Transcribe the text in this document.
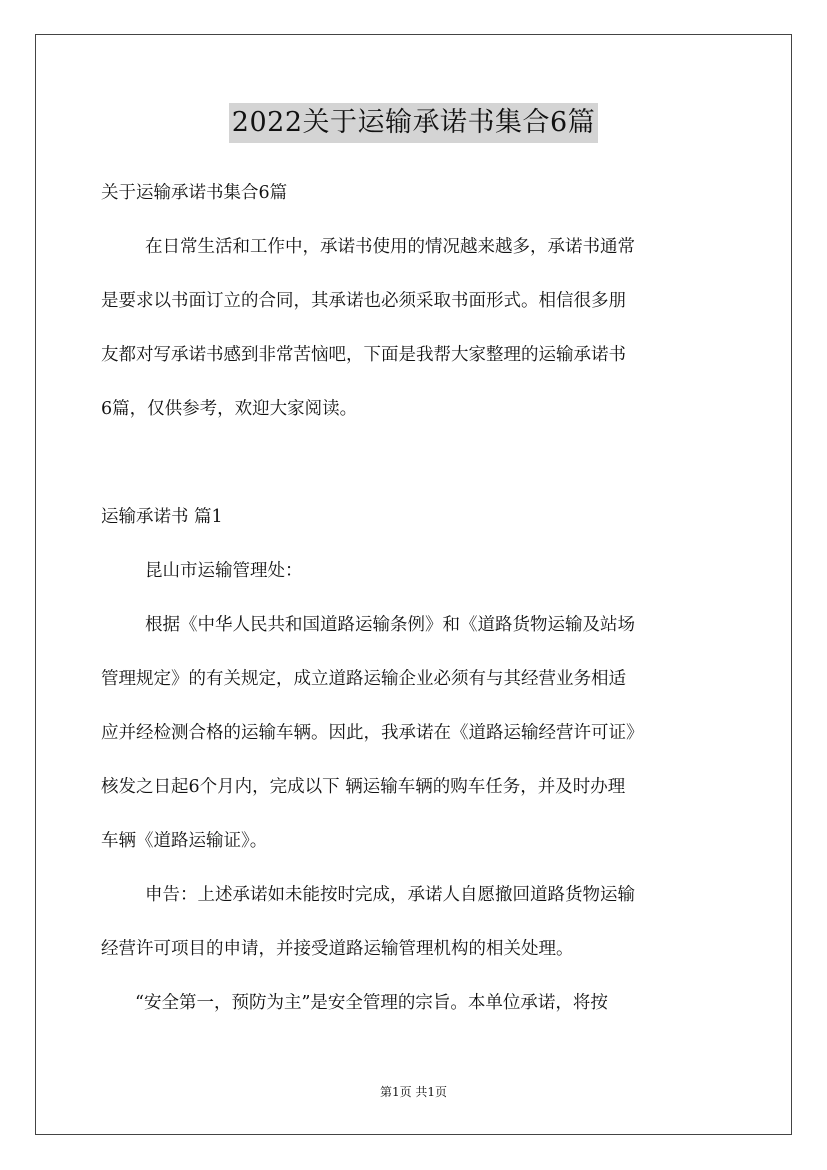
2022关于运输承诺书集合6篇
关于运输承诺书集合6篇
在日常生活和工作中，承诺书使用的情况越来越多，承诺书通常
是要求以书面订立的合同，其承诺也必须采取书面形式。相信很多朋
友都对写承诺书感到非常苦恼吧，下面是我帮大家整理的运输承诺书
6篇，仅供参考，欢迎大家阅读。
运输承诺书 篇1
昆山市运输管理处：
根据《中华人民共和国道路运输条例》和《道路货物运输及站场
管理规定》的有关规定，成立道路运输企业必须有与其经营业务相适
应并经检测合格的运输车辆。因此，我承诺在《道路运输经营许可证》
核发之日起6个月内，完成以下 辆运输车辆的购车任务，并及时办理
车辆《道路运输证》。
申告：上述承诺如未能按时完成，承诺人自愿撤回道路货物运输
经营许可项目的申请，并接受道路运输管理机构的相关处理。
“安全第一，预防为主”是安全管理的宗旨。本单位承诺，将按
第1页 共1页
